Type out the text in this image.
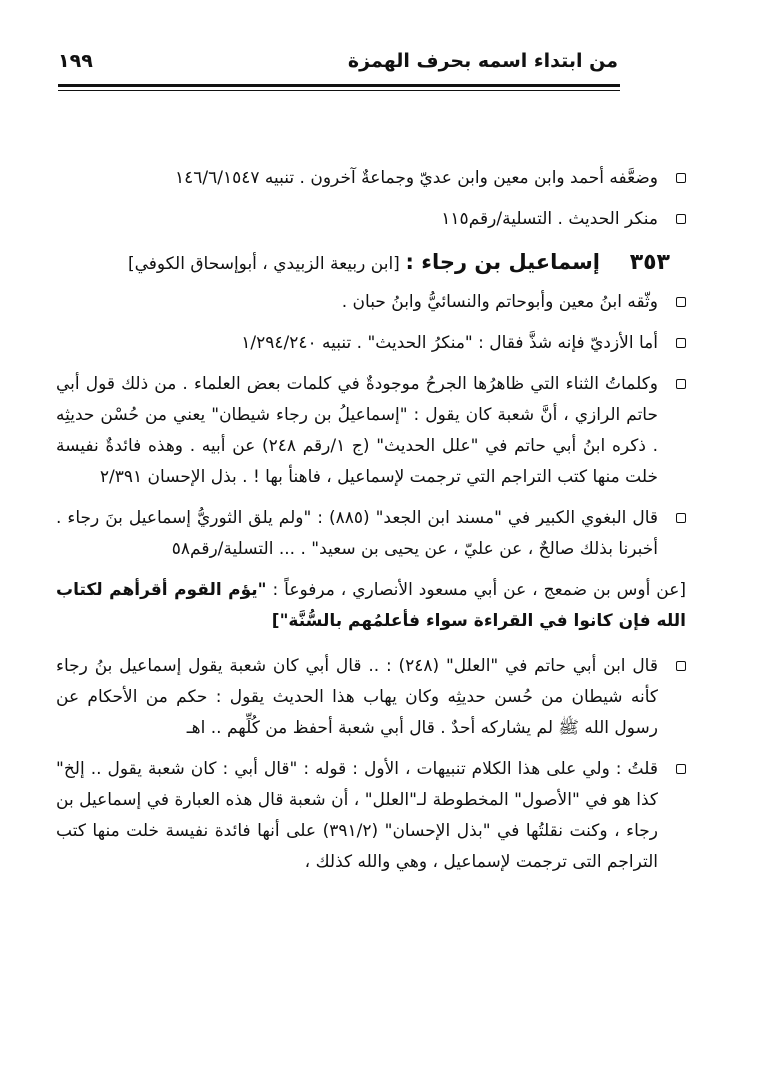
من ابتداء اسمه بحرف الهمزة
١٩٩
وضعَّفه أحمد وابن معين وابن عديّ وجماعةٌ آخرون . تنبيه ١٤٦/٦/١٥٤٧
منكر الحديث . التسلية/رقم١١٥
٣٥٣ إسماعيل بن رجاء : [ابن ربيعة الزبيدي ، أبوإسحاق الكوفي]
وثّقه ابنُ معين وأبوحاتم والنسائيُّ وابنُ حبان .
أما الأزديّ فإنه شذَّ فقال : "منكرُ الحديث" . تنبيه ١/٢٩٤/٢٤٠
وكلماتُ الثناء التي ظاهرُها الجرحُ موجودةٌ في كلمات بعض العلماء . من ذلك قول أبي حاتم الرازي ، أنَّ شعبة كان يقول : "إسماعيلُ بن رجاء شيطان" يعني من حُسْن حديثِه . ذكره ابنُ أبي حاتم في "علل الحديث" (ج ١/رقم ٢٤٨) عن أبيه . وهذه فائدةٌ نفيسة خلت منها كتب التراجم التي ترجمت لإسماعيل ، فاهنأ بها ! . بذل الإحسان ٢/٣٩١
قال البغوي الكبير في "مسند ابن الجعد" (٨٨٥) : "ولم يلق الثوريُّ إسماعيل بنَ رجاء . أخبرنا بذلك صالحٌ ، عن عليّ ، عن يحيى بن سعيد" . ... التسلية/رقم٥٨
[عن أوس بن ضمعج ، عن أبي مسعود الأنصاري ، مرفوعاً : "يؤم القوم أقرأهم لكتاب الله فإن كانوا في القراءة سواء فأعلمُهم بالسُّنَّة"]
قال ابن أبي حاتم في "العلل" (٢٤٨) : .. قال أبي كان شعبة يقول إسماعيل بنُ رجاء كأنه شيطان من حُسن حديثِه وكان يهاب هذا الحديث يقول : حكم من الأحكام عن رسول الله ﷺ لم يشاركه أحدٌ . قال أبي شعبة أحفظ من كُلِّهم .. اهـ
قلتُ : ولي على هذا الكلام تنبيهات ، الأول : قوله : "قال أبي : كان شعبة يقول .. إلخ" كذا هو في "الأصول" المخطوطة لـ"العلل" ، أن شعبة قال هذه العبارة في إسماعيل بن رجاء ، وكنت نقلتُها في "بذل الإحسان" (٣٩١/٢) على أنها فائدة نفيسة خلت منها كتب التراجم التى ترجمت لإسماعيل ، وهي والله كذلك ،
